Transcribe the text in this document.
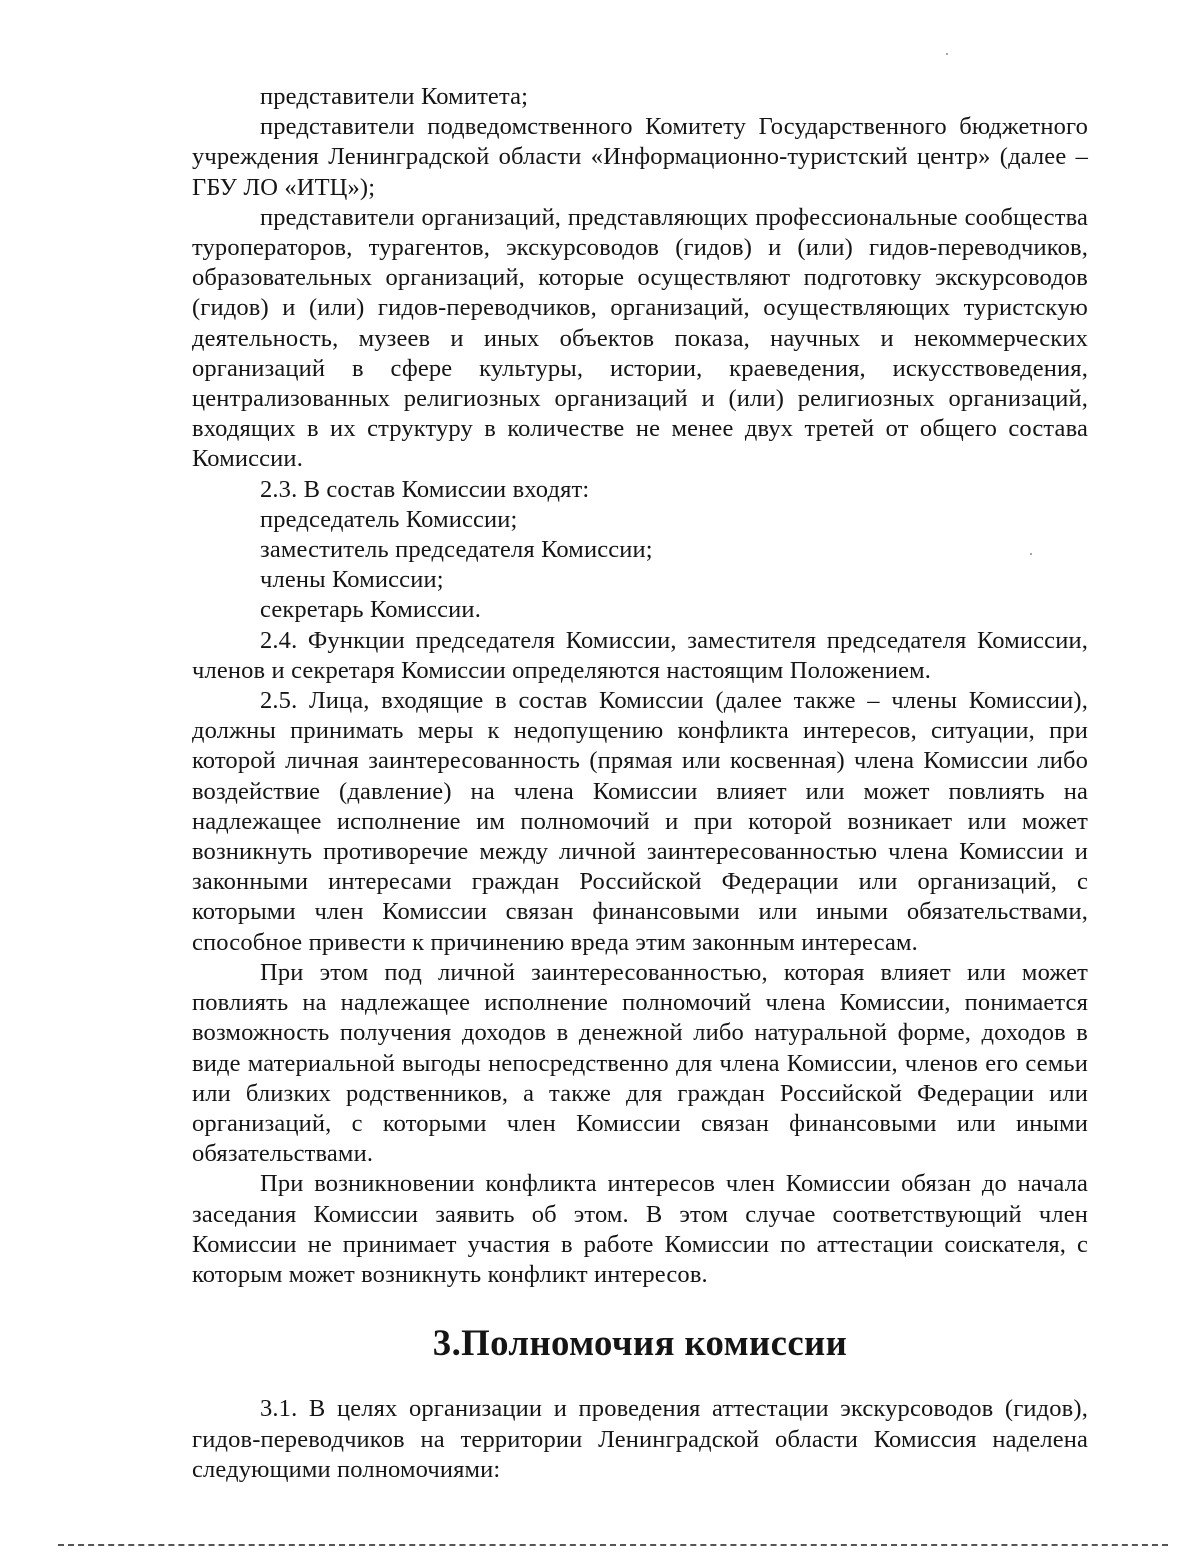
представители Комитета;

представители подведомственного Комитету Государственного бюджетного учреждения Ленинградской области «Информационно-туристский центр» (далее – ГБУ ЛО «ИТЦ»);

представители организаций, представляющих профессиональные сообщества туроператоров, турагентов, экскурсоводов (гидов) и (или) гидов-переводчиков, образовательных организаций, которые осуществляют подготовку экскурсоводов (гидов) и (или) гидов-переводчиков, организаций, осуществляющих туристскую деятельность, музеев и иных объектов показа, научных и некоммерческих организаций в сфере культуры, истории, краеведения, искусствоведения, централизованных религиозных организаций и (или) религиозных организаций, входящих в их структуру в количестве не менее двух третей от общего состава Комиссии.

2.3. В состав Комиссии входят:

председатель Комиссии;

заместитель председателя Комиссии;

члены Комиссии;

секретарь Комиссии.

2.4. Функции председателя Комиссии, заместителя председателя Комиссии, членов и секретаря Комиссии определяются настоящим Положением.

2.5. Лица, входящие в состав Комиссии (далее также – члены Комиссии), должны принимать меры к недопущению конфликта интересов, ситуации, при которой личная заинтересованность (прямая или косвенная) члена Комиссии либо воздействие (давление) на члена Комиссии влияет или может повлиять на надлежащее исполнение им полномочий и при которой возникает или может возникнуть противоречие между личной заинтересованностью члена Комиссии и законными интересами граждан Российской Федерации или организаций, с которыми член Комиссии связан финансовыми или иными обязательствами, способное привести к причинению вреда этим законным интересам.

При этом под личной заинтересованностью, которая влияет или может повлиять на надлежащее исполнение полномочий члена Комиссии, понимается возможность получения доходов в денежной либо натуральной форме, доходов в виде материальной выгоды непосредственно для члена Комиссии, членов его семьи или близких родственников, а также для граждан Российской Федерации или организаций, с которыми член Комиссии связан финансовыми или иными обязательствами.

При возникновении конфликта интересов член Комиссии обязан до начала заседания Комиссии заявить об этом. В этом случае соответствующий член Комиссии не принимает участия в работе Комиссии по аттестации соискателя, с которым может возникнуть конфликт интересов.

3.Полномочия комиссии

3.1. В целях организации и проведения аттестации экскурсоводов (гидов), гидов-переводчиков на территории Ленинградской области Комиссия наделена следующими полномочиями:
